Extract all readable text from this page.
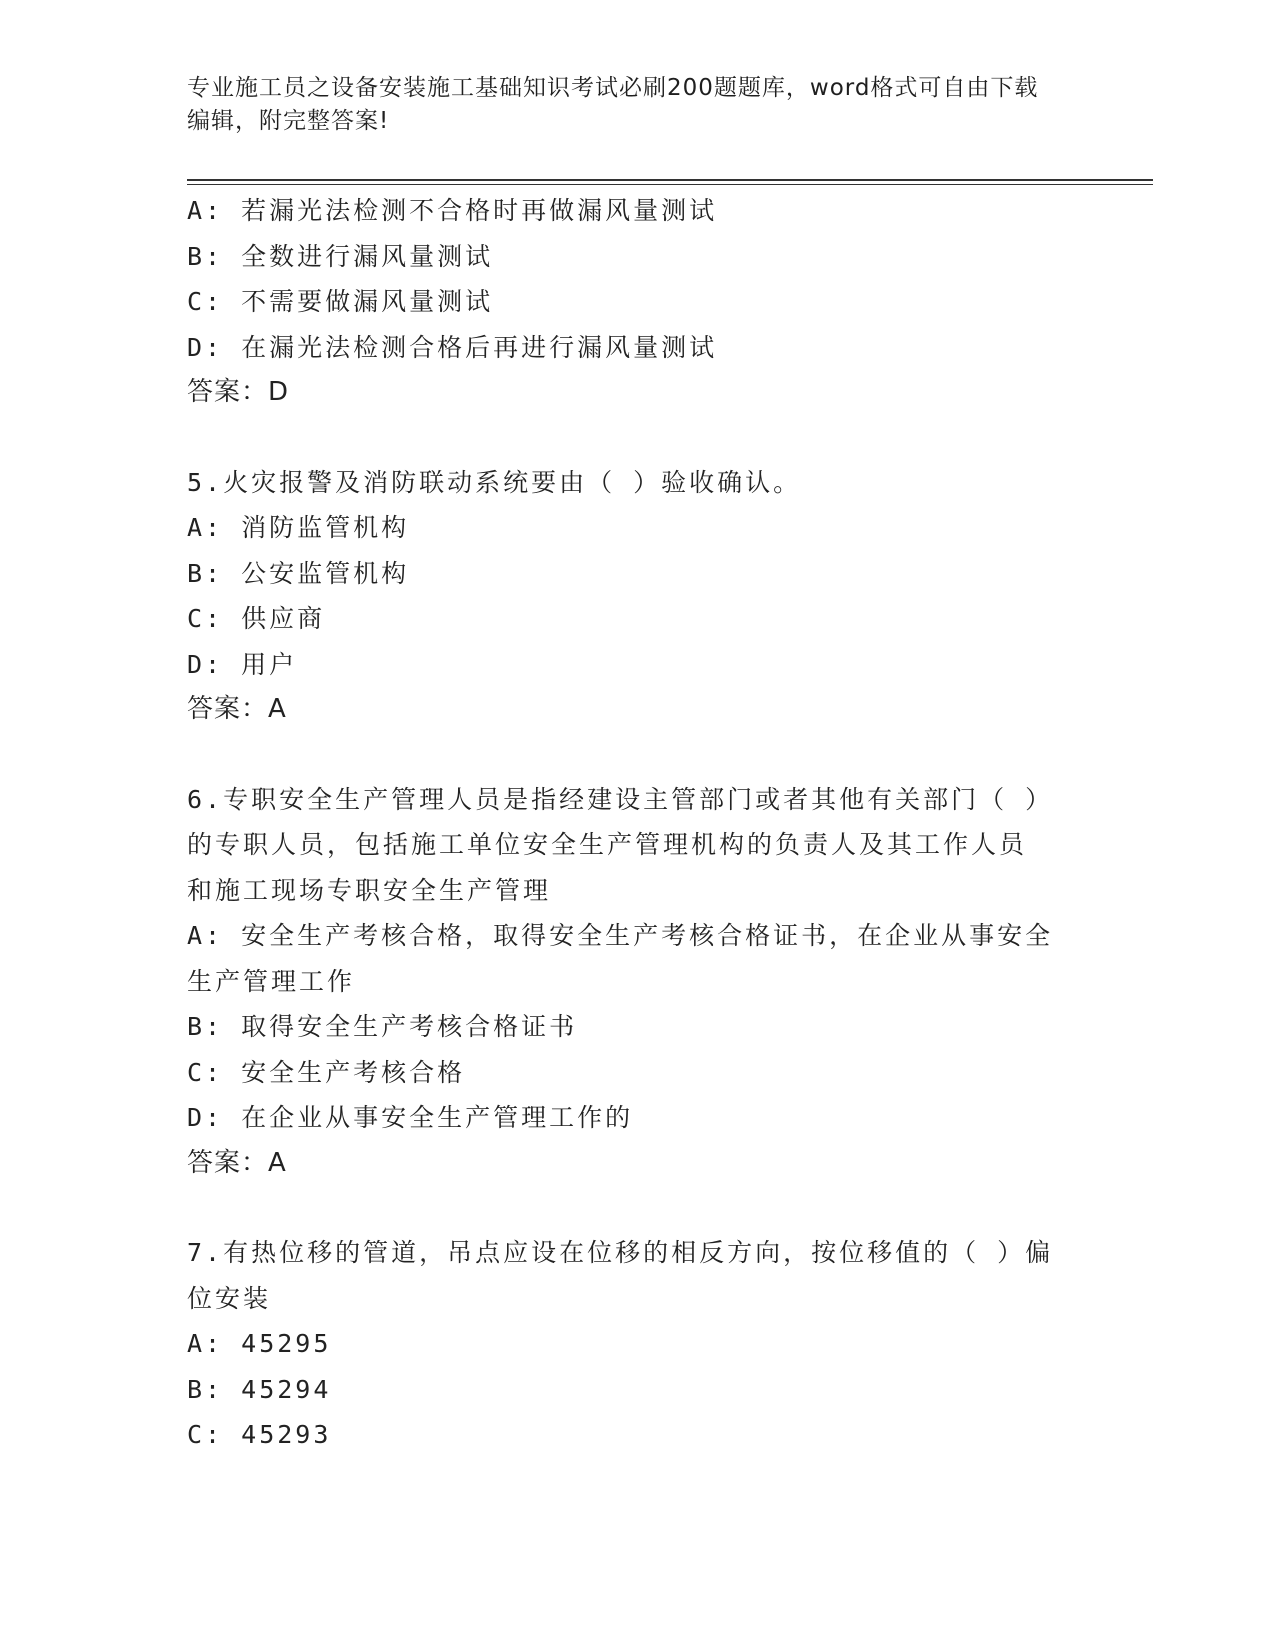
专业施工员之设备安装施工基础知识考试必刷200题题库，word格式可自由下载
编辑，附完整答案!
A: 若漏光法检测不合格时再做漏风量测试
B: 全数进行漏风量测试
C: 不需要做漏风量测试
D: 在漏光法检测合格后再进行漏风量测试
答案：D
5.火灾报警及消防联动系统要由（ ）验收确认。
A: 消防监管机构
B: 公安监管机构
C: 供应商
D: 用户
答案：A
6.专职安全生产管理人员是指经建设主管部门或者其他有关部门（ ）
的专职人员，包括施工单位安全生产管理机构的负责人及其工作人员
和施工现场专职安全生产管理
A: 安全生产考核合格，取得安全生产考核合格证书，在企业从事安全
生产管理工作
B: 取得安全生产考核合格证书
C: 安全生产考核合格
D: 在企业从事安全生产管理工作的
答案：A
7.有热位移的管道，吊点应设在位移的相反方向，按位移值的（ ）偏
位安装
A: 45295
B: 45294
C: 45293
